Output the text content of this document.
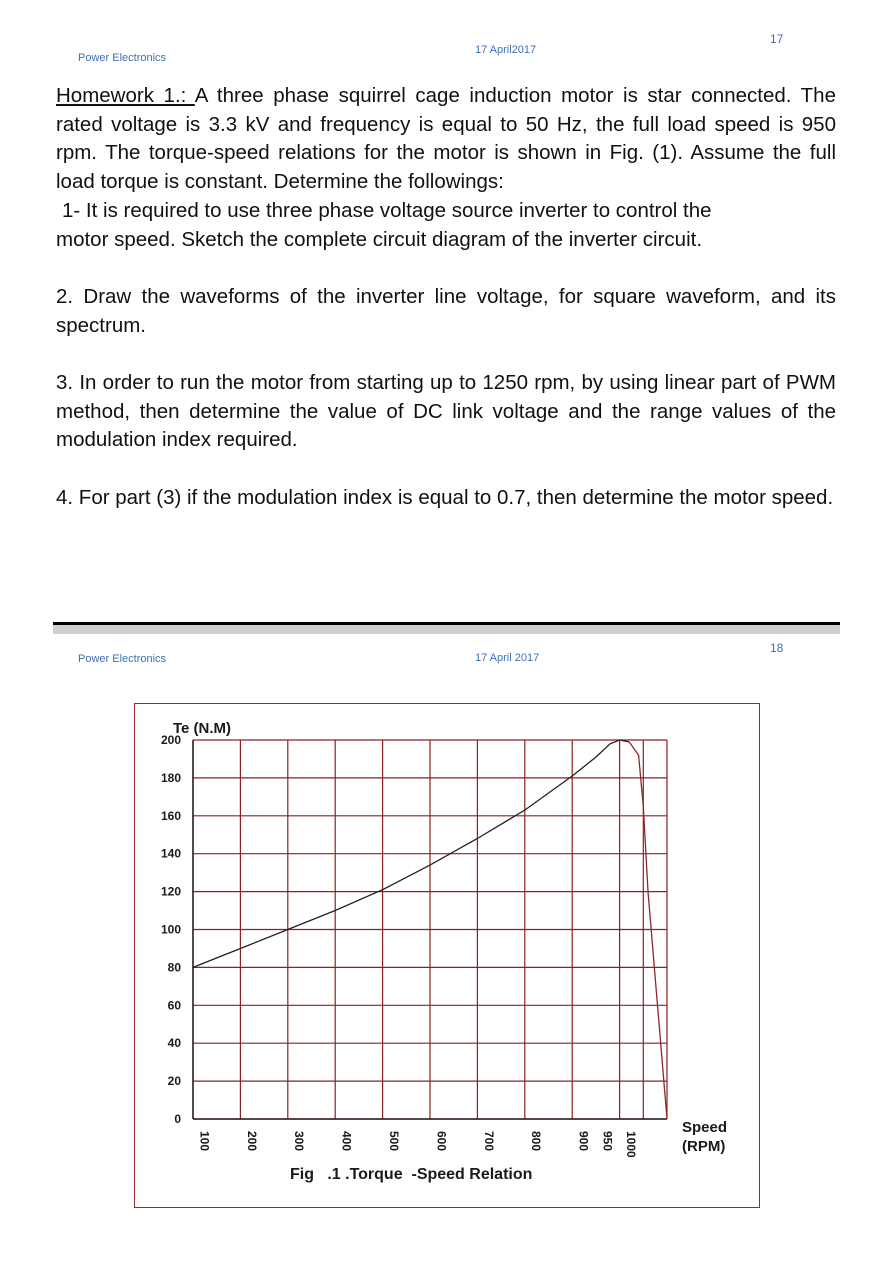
Power Electronics
17 April2017
17

Homework 1.: A three phase squirrel cage induction motor is star connected. The rated voltage is 3.3 kV and frequency is equal to 50 Hz, the full load speed is 950 rpm. The torque-speed relations for the motor is shown in Fig. (1). Assume the full load torque is constant. Determine the followings:

1- It is required to use three phase voltage source inverter to control the
motor speed. Sketch the complete circuit diagram of the inverter circuit.

2. Draw the waveforms of the inverter line voltage, for square waveform, and its spectrum.

3. In order to run the motor from starting up to 1250 rpm, by using linear part of PWM method, then determine the value of DC link voltage and the range values of the modulation index required.

4. For part (3) if the modulation index is equal to 0.7, then determine the motor speed.

Power Electronics	17 April 2017
18
0
20
40
60
80
100
120
140
160
180
200
100	200	300	400	500	600	700	800	900 950 1000
Te (N.M)
Speed
(RPM)
Fig   .1 .Torque  -Speed Relation
